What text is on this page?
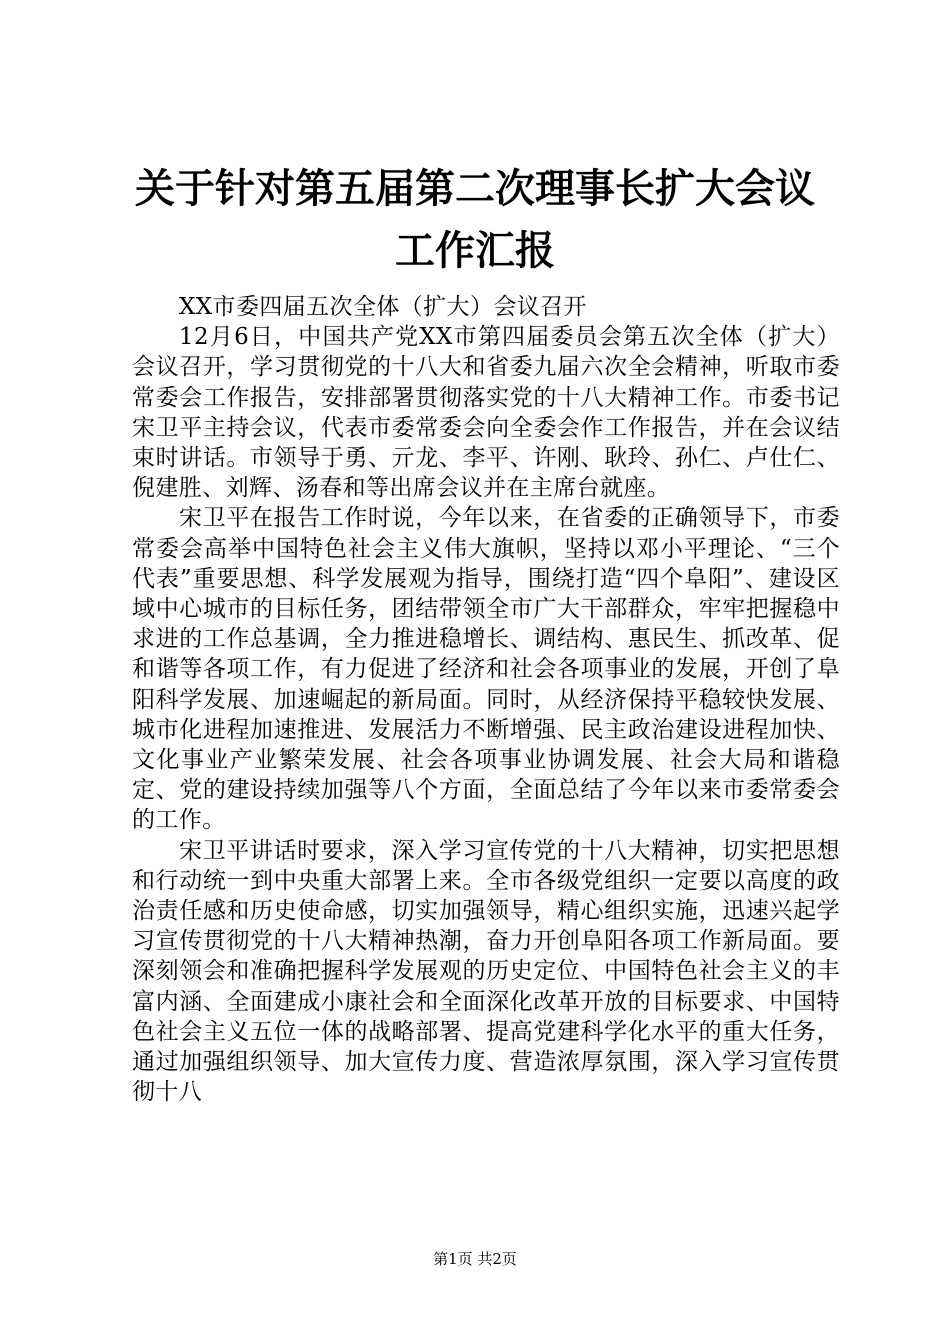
关于针对第五届第二次理事长扩大会议工作汇报

XX市委四届五次全体（扩大）会议召开

12月6日，中国共产党XX市第四届委员会第五次全体（扩大）会议召开，学习贯彻党的十八大和省委九届六次全会精神，听取市委常委会工作报告，安排部署贯彻落实党的十八大精神工作。市委书记宋卫平主持会议，代表市委常委会向全委会作工作报告，并在会议结束时讲话。市领导于勇、亓龙、李平、许刚、耿玲、孙仁、卢仕仁、倪建胜、刘辉、汤春和等出席会议并在主席台就座。

宋卫平在报告工作时说，今年以来，在省委的正确领导下，市委常委会高举中国特色社会主义伟大旗帜，坚持以邓小平理论、“三个代表”重要思想、科学发展观为指导，围绕打造“四个阜阳”、建设区域中心城市的目标任务，团结带领全市广大干部群众，牢牢把握稳中求进的工作总基调，全力推进稳增长、调结构、惠民生、抓改革、促和谐等各项工作，有力促进了经济和社会各项事业的发展，开创了阜阳科学发展、加速崛起的新局面。同时，从经济保持平稳较快发展、城市化进程加速推进、发展活力不断增强、民主政治建设进程加快、文化事业产业繁荣发展、社会各项事业协调发展、社会大局和谐稳定、党的建设持续加强等八个方面，全面总结了今年以来市委常委会的工作。

宋卫平讲话时要求，深入学习宣传党的十八大精神，切实把思想和行动统一到中央重大部署上来。全市各级党组织一定要以高度的政治责任感和历史使命感，切实加强领导，精心组织实施，迅速兴起学习宣传贯彻党的十八大精神热潮，奋力开创阜阳各项工作新局面。要深刻领会和准确把握科学发展观的历史定位、中国特色社会主义的丰富内涵、全面建成小康社会和全面深化改革开放的目标要求、中国特色社会主义五位一体的战略部署、提高党建科学化水平的重大任务，通过加强组织领导、加大宣传力度、营造浓厚氛围，深入学习宣传贯彻十八

第1页 共2页
